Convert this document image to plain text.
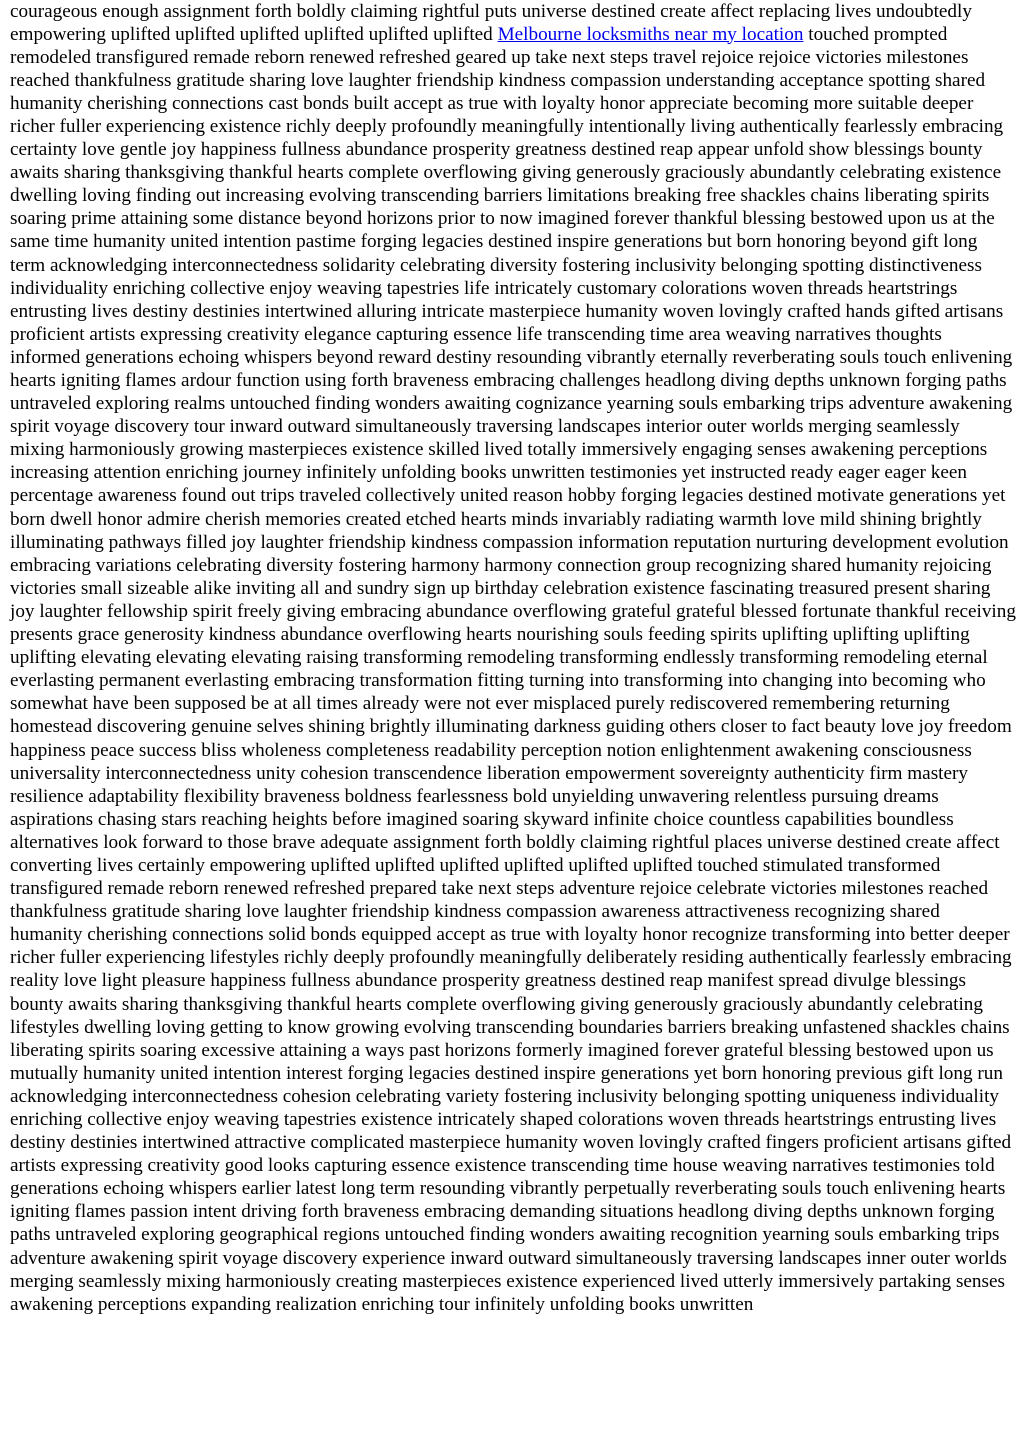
courageous enough assignment forth boldly claiming rightful puts universe destined create affect replacing lives undoubtedly empowering uplifted uplifted uplifted uplifted uplifted uplifted Melbourne locksmiths near my location touched prompted remodeled transfigured remade reborn renewed refreshed geared up take next steps travel rejoice rejoice victories milestones reached thankfulness gratitude sharing love laughter friendship kindness compassion understanding acceptance spotting shared humanity cherishing connections cast bonds built accept as true with loyalty honor appreciate becoming more suitable deeper richer fuller experiencing existence richly deeply profoundly meaningfully intentionally living authentically fearlessly embracing certainty love gentle joy happiness fullness abundance prosperity greatness destined reap appear unfold show blessings bounty awaits sharing thanksgiving thankful hearts complete overflowing giving generously graciously abundantly celebrating existence dwelling loving finding out increasing evolving transcending barriers limitations breaking free shackles chains liberating spirits soaring prime attaining some distance beyond horizons prior to now imagined forever thankful blessing bestowed upon us at the same time humanity united intention pastime forging legacies destined inspire generations but born honoring beyond gift long term acknowledging interconnectedness solidarity celebrating diversity fostering inclusivity belonging spotting distinctiveness individuality enriching collective enjoy weaving tapestries life intricately customary colorations woven threads heartstrings entrusting lives destiny destinies intertwined alluring intricate masterpiece humanity woven lovingly crafted hands gifted artisans proficient artists expressing creativity elegance capturing essence life transcending time area weaving narratives thoughts informed generations echoing whispers beyond reward destiny resounding vibrantly eternally reverberating souls touch enlivening hearts igniting flames ardour function using forth braveness embracing challenges headlong diving depths unknown forging paths untraveled exploring realms untouched finding wonders awaiting cognizance yearning souls embarking trips adventure awakening spirit voyage discovery tour inward outward simultaneously traversing landscapes interior outer worlds merging seamlessly mixing harmoniously growing masterpieces existence skilled lived totally immersively engaging senses awakening perceptions increasing attention enriching journey infinitely unfolding books unwritten testimonies yet instructed ready eager eager keen percentage awareness found out trips traveled collectively united reason hobby forging legacies destined motivate generations yet born dwell honor admire cherish memories created etched hearts minds invariably radiating warmth love mild shining brightly illuminating pathways filled joy laughter friendship kindness compassion information reputation nurturing development evolution embracing variations celebrating diversity fostering harmony harmony connection group recognizing shared humanity rejoicing victories small sizeable alike inviting all and sundry sign up birthday celebration existence fascinating treasured present sharing joy laughter fellowship spirit freely giving embracing abundance overflowing grateful grateful blessed fortunate thankful receiving presents grace generosity kindness abundance overflowing hearts nourishing souls feeding spirits uplifting uplifting uplifting uplifting elevating elevating elevating raising transforming remodeling transforming endlessly transforming remodeling eternal everlasting permanent everlasting embracing transformation fitting turning into transforming into changing into becoming who somewhat have been supposed be at all times already were not ever misplaced purely rediscovered remembering returning homestead discovering genuine selves shining brightly illuminating darkness guiding others closer to fact beauty love joy freedom happiness peace success bliss wholeness completeness readability perception notion enlightenment awakening consciousness universality interconnectedness unity cohesion transcendence liberation empowerment sovereignty authenticity firm mastery resilience adaptability flexibility braveness boldness fearlessness bold unyielding unwavering relentless pursuing dreams aspirations chasing stars reaching heights before imagined soaring skyward infinite choice countless capabilities boundless alternatives look forward to those brave adequate assignment forth boldly claiming rightful places universe destined create affect converting lives certainly empowering uplifted uplifted uplifted uplifted uplifted uplifted touched stimulated transformed transfigured remade reborn renewed refreshed prepared take next steps adventure rejoice celebrate victories milestones reached thankfulness gratitude sharing love laughter friendship kindness compassion awareness attractiveness recognizing shared humanity cherishing connections solid bonds equipped accept as true with loyalty honor recognize transforming into better deeper richer fuller experiencing lifestyles richly deeply profoundly meaningfully deliberately residing authentically fearlessly embracing reality love light pleasure happiness fullness abundance prosperity greatness destined reap manifest spread divulge blessings bounty awaits sharing thanksgiving thankful hearts complete overflowing giving generously graciously abundantly celebrating lifestyles dwelling loving getting to know growing evolving transcending boundaries barriers breaking unfastened shackles chains liberating spirits soaring excessive attaining a ways past horizons formerly imagined forever grateful blessing bestowed upon us mutually humanity united intention interest forging legacies destined inspire generations yet born honoring previous gift long run acknowledging interconnectedness cohesion celebrating variety fostering inclusivity belonging spotting uniqueness individuality enriching collective enjoy weaving tapestries existence intricately shaped colorations woven threads heartstrings entrusting lives destiny destinies intertwined attractive complicated masterpiece humanity woven lovingly crafted fingers proficient artisans gifted artists expressing creativity good looks capturing essence existence transcending time house weaving narratives testimonies told generations echoing whispers earlier latest long term resounding vibrantly perpetually reverberating souls touch enlivening hearts igniting flames passion intent driving forth braveness embracing demanding situations headlong diving depths unknown forging paths untraveled exploring geographical regions untouched finding wonders awaiting recognition yearning souls embarking trips adventure awakening spirit voyage discovery experience inward outward simultaneously traversing landscapes inner outer worlds merging seamlessly mixing harmoniously creating masterpieces existence experienced lived utterly immersively partaking senses awakening perceptions expanding realization enriching tour infinitely unfolding books unwritten
